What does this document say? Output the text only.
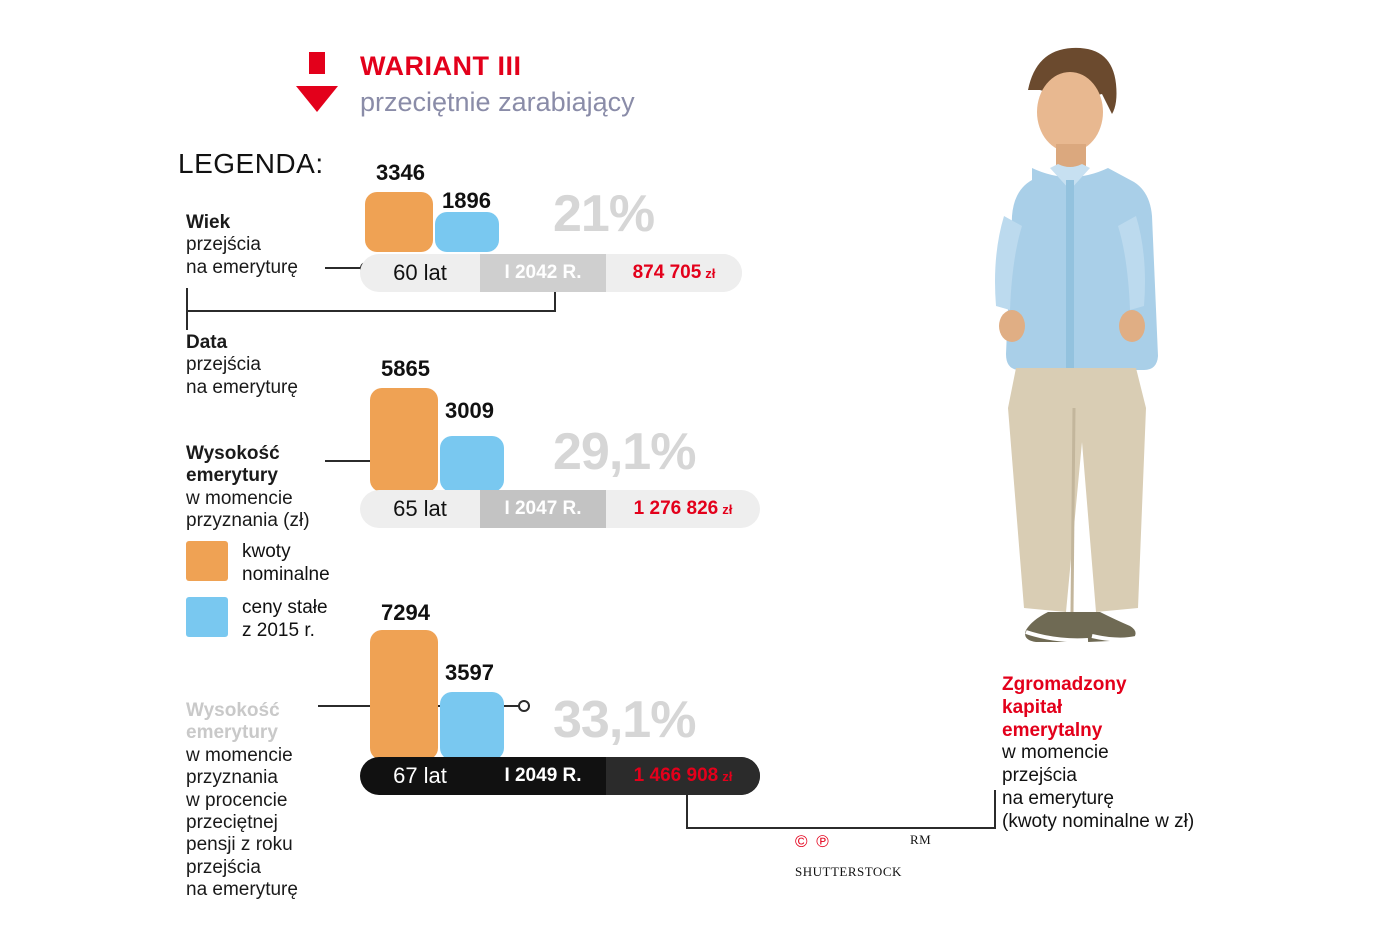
WARIANT III
przeciętnie zarabiający
LEGENDA:
Wiek
przejścia
na emeryturę
Data
przejścia
na emeryturę
Wysokość
emerytury
w momencie
przyznania (zł)
Wysokość
emerytury
w momencie
przyznania
w procencie
przeciętnej
pensji z roku
przejścia
na emeryturę
kwoty
nominalne
ceny stałe
z 2015 r.
3346
1896 21%
60 lat	I 2042 R.	874 705 zł
5865
3009
29,1%
65 lat	I 2047 R.	1 276 826 zł
7294
3597
33,1%
67 lat	I 2049 R.	1 466 908 zł
Zgromadzony
kapitał
emerytalny
w momencie
przejścia
na emeryturę
(kwoty nominalne w zł)
© ℗
SHUTTERSTOCK
RM
